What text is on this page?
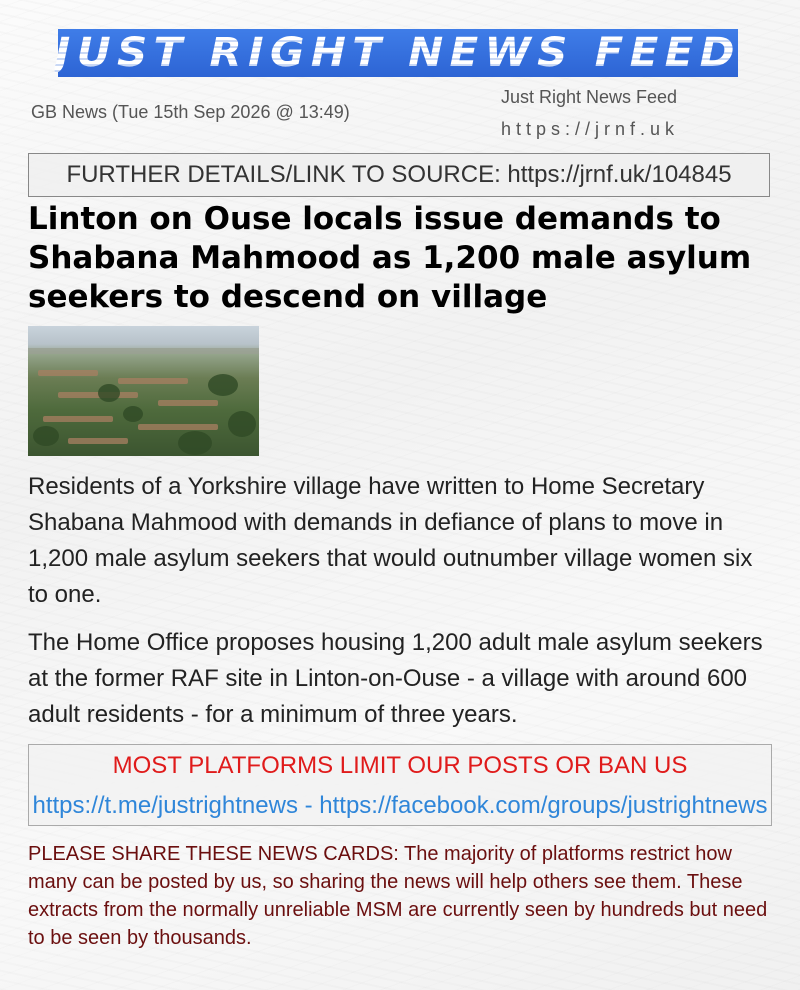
JUST RIGHT NEWS FEED
GB News (Tue 15th Sep 2026 @ 13:49)
Just Right News Feed
https://jrnf.uk
FURTHER DETAILS/LINK TO SOURCE: https://jrnf.uk/104845
Linton on Ouse locals issue demands to Shabana Mahmood as 1,200 male asylum seekers to descend on village

Residents of a Yorkshire village have written to Home Secretary Shabana Mahmood with demands in defiance of plans to move in 1,200 male asylum seekers that would outnumber village women six to one.

The Home Office proposes housing 1,200 adult male asylum seekers at the former RAF site in Linton-on-Ouse - a village with around 600 adult residents - for a minimum of three years.

MOST PLATFORMS LIMIT OUR POSTS OR BAN US
https://t.me/justrightnews - https://facebook.com/groups/justrightnews

PLEASE SHARE THESE NEWS CARDS: The majority of platforms restrict how many can be posted by us, so sharing the news will help others see them. These extracts from the normally unreliable MSM are currently seen by hundreds but need to be seen by thousands.
